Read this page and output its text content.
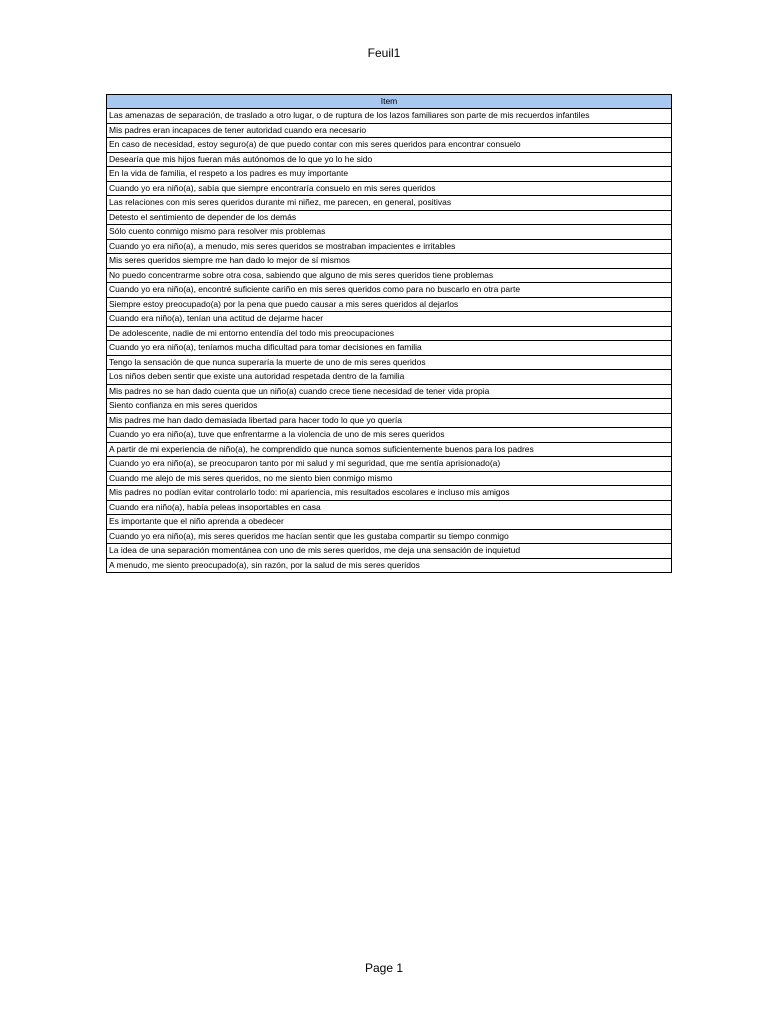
Feuil1
Item
Las amenazas de separación, de traslado a otro lugar, o de ruptura de los lazos familiares son parte de mis recuerdos infantiles
Mis padres eran incapaces de tener autoridad cuando era necesario
En caso de necesidad, estoy seguro(a) de que puedo contar con mis seres queridos para encontrar consuelo
Desearía que mis hijos fueran más autónomos de lo que yo lo he sido
En la vida de familia, el respeto a los padres es muy importante
Cuando yo era niño(a), sabía que siempre encontraría consuelo en mis seres queridos
Las relaciones con mis seres queridos durante mi niñez, me parecen, en general, positivas
Detesto el sentimiento de depender de los demás
Sólo cuento conmigo mismo para resolver mis problemas
Cuando yo era niño(a), a menudo, mis seres queridos se mostraban impacientes e irritables
Mis seres queridos siempre me han dado lo mejor de sí mismos
No puedo concentrarme sobre otra cosa, sabiendo que alguno de mis seres queridos tiene problemas
Cuando yo era niño(a), encontré suficiente cariño en mis seres queridos como para no buscarlo en otra parte
Siempre estoy preocupado(a) por la pena que puedo causar a mis seres queridos al dejarlos
Cuando era niño(a), tenían una actitud de dejarme hacer
De adolescente, nadie de mi entorno entendía del todo mis preocupaciones
Cuando yo era niño(a), teníamos mucha dificultad para tomar decisiones en familia
Tengo la sensación de que nunca superaría la muerte de uno de mis seres queridos
Los niños deben sentir que existe una autoridad respetada dentro de la familia
Mis padres no se han dado cuenta que un niño(a) cuando crece tiene necesidad de tener vida propia
Siento confianza en mis seres queridos
Mis padres me han dado demasiada libertad para hacer todo lo que yo quería
Cuando yo era niño(a), tuve que enfrentarme a la violencia de uno de mis seres queridos
A partir de mi experiencia de niño(a), he comprendido que nunca somos suficientemente buenos para los padres
Cuando yo era niño(a), se preocuparon tanto por mi salud y mi seguridad, que me sentía aprisionado(a)
Cuando me alejo de mis seres queridos, no me siento bien conmigo mismo
Mis padres no podían evitar controlarlo todo: mi apariencia, mis resultados escolares e incluso mis amigos
Cuando era niño(a), había peleas insoportables en casa
Es importante que el niño aprenda a obedecer
Cuando yo era niño(a), mis seres queridos me hacían sentir que les gustaba compartir su tiempo conmigo
La idea de una separación momentánea con uno de mis seres queridos, me deja una sensación de inquietud
A menudo, me siento preocupado(a), sin razón, por la salud de mis seres queridos
Page 1
